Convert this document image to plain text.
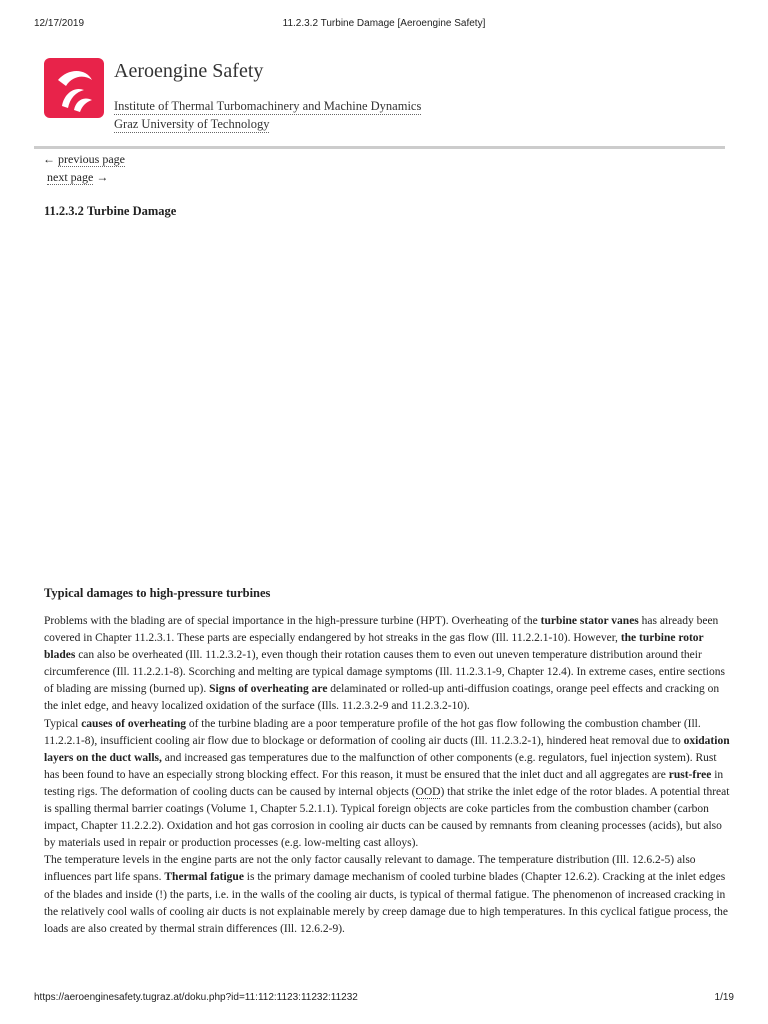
12/17/2019	11.2.3.2 Turbine Damage [Aeroengine Safety]
Aeroengine Safety
Institute of Thermal Turbomachinery and Machine Dynamics
Graz University of Technology
← previous page
next page →
11.2.3.2 Turbine Damage
Typical damages to high-pressure turbines

Problems with the blading are of special importance in the high-pressure turbine (HPT). Overheating of the turbine stator vanes has already been covered in Chapter 11.2.3.1. These parts are especially endangered by hot streaks in the gas flow (Ill. 11.2.2.1-10). However, the turbine rotor blades can also be overheated (Ill. 11.2.3.2-1), even though their rotation causes them to even out uneven temperature distribution around their circumference (Ill. 11.2.2.1-8). Scorching and melting are typical damage symptoms (Ill. 11.2.3.1-9, Chapter 12.4). In extreme cases, entire sections of blading are missing (burned up). Signs of overheating are delaminated or rolled-up anti-diffusion coatings, orange peel effects and cracking on the inlet edge, and heavy localized oxidation of the surface (Ills. 11.2.3.2-9 and 11.2.3.2-10).

Typical causes of overheating of the turbine blading are a poor temperature profile of the hot gas flow following the combustion chamber (Ill. 11.2.2.1-8), insufficient cooling air flow due to blockage or deformation of cooling air ducts (Ill. 11.2.3.2-1), hindered heat removal due to oxidation layers on the duct walls, and increased gas temperatures due to the malfunction of other components (e.g. regulators, fuel injection system). Rust has been found to have an especially strong blocking effect. For this reason, it must be ensured that the inlet duct and all aggregates are rust-free in testing rigs. The deformation of cooling ducts can be caused by internal objects (OOD) that strike the inlet edge of the rotor blades. A potential threat is spalling thermal barrier coatings (Volume 1, Chapter 5.2.1.1). Typical foreign objects are coke particles from the combustion chamber (carbon impact, Chapter 11.2.2.2). Oxidation and hot gas corrosion in cooling air ducts can be caused by remnants from cleaning processes (acids), but also by materials used in repair or production processes (e.g. low-melting cast alloys).

The temperature levels in the engine parts are not the only factor causally relevant to damage. The temperature distribution (Ill. 12.6.2-5) also influences part life spans. Thermal fatigue is the primary damage mechanism of cooled turbine blades (Chapter 12.6.2). Cracking at the inlet edges of the blades and inside (!) the parts, i.e. in the walls of the cooling air ducts, is typical of thermal fatigue. The phenomenon of increased cracking in the relatively cool walls of cooling air ducts is not explainable merely by creep damage due to high temperatures. In this cyclical fatigue process, the loads are also created by thermal strain differences (Ill. 12.6.2-9).

https://aeroenginesafety.tugraz.at/doku.php?id=11:112:1123:11232:11232	1/19
